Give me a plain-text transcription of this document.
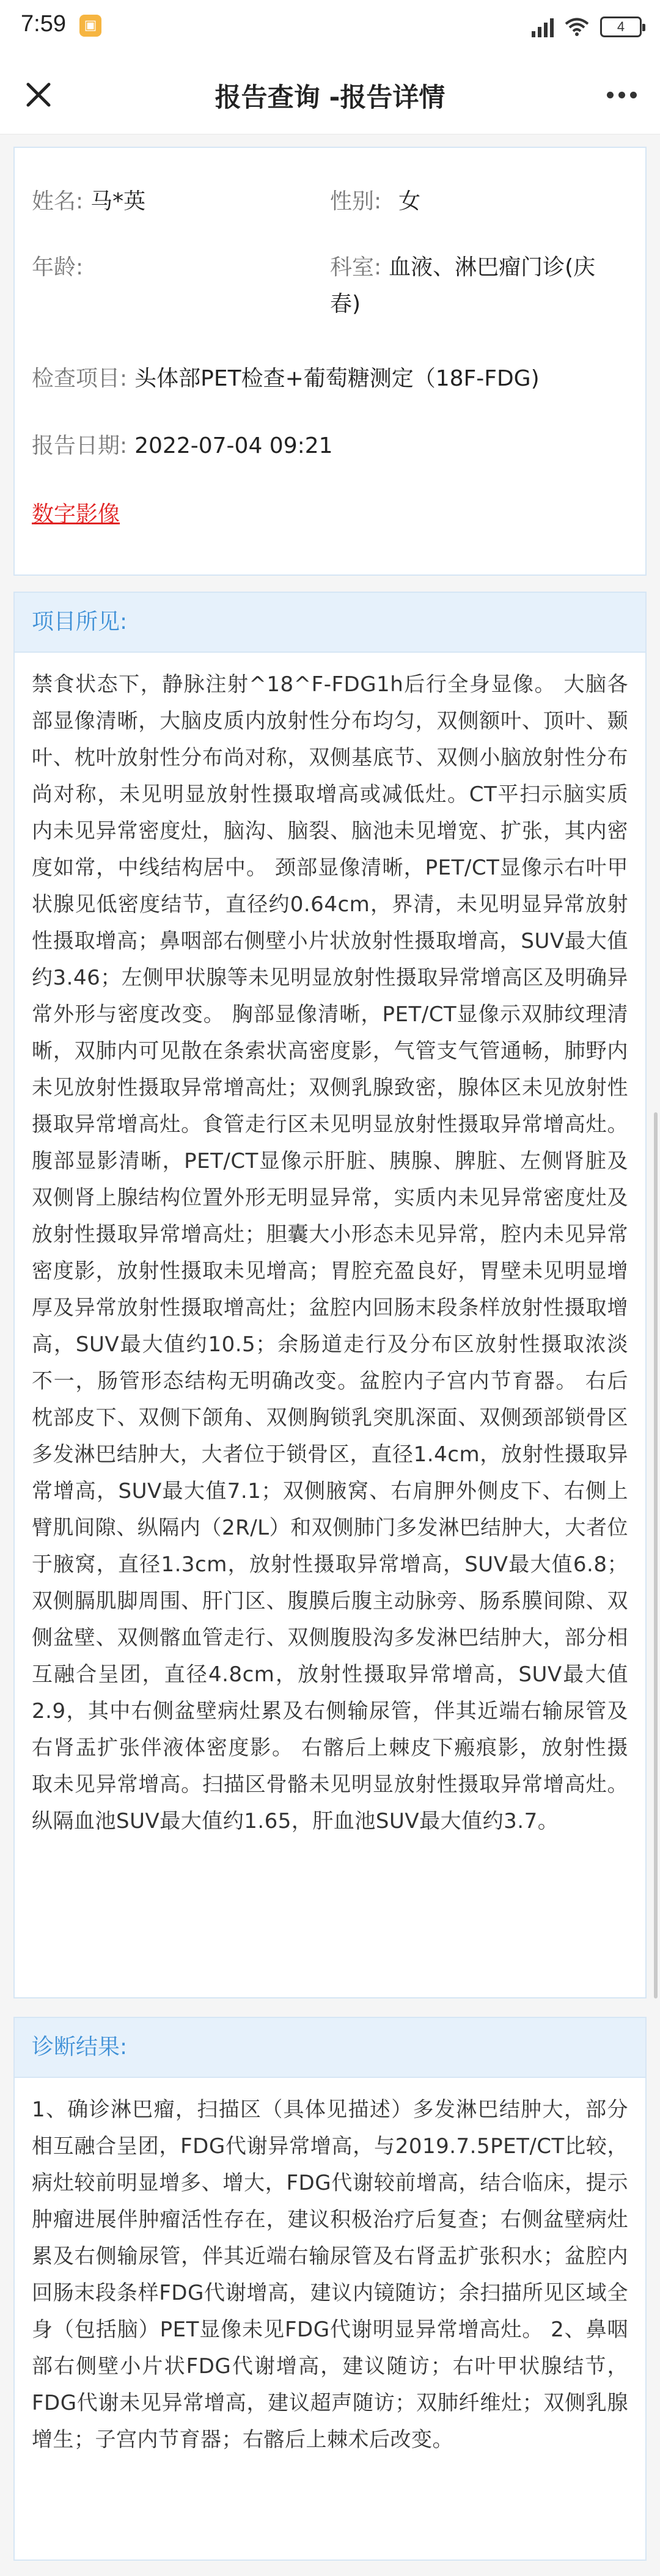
7:59	▣	4
报告查询 -报告详情
姓名: 马*英	性别: 女
年龄:	科室: 血液、淋巴瘤门诊(庆
春)
检查项目: 头体部PET检查+葡萄糖测定（18F-FDG)
报告日期: 2022-07-04 09:21
数字影像
项目所见:
禁食状态下，静脉注射^18^F-FDG1h后行全身显像。 大脑各部显像清晰，大脑皮质内放射性分布均匀，双侧额叶、顶叶、颞叶、枕叶放射性分布尚对称，双侧基底节、双侧小脑放射性分布尚对称，未见明显放射性摄取增高或减低灶。CT平扫示脑实质内未见异常密度灶，脑沟、脑裂、脑池未见增宽、扩张，其内密度如常，中线结构居中。 颈部显像清晰，PET/CT显像示右叶甲状腺见低密度结节，直径约0.64cm，界清，未见明显异常放射性摄取增高；鼻咽部右侧壁小片状放射性摄取增高，SUV最大值约3.46；左侧甲状腺等未见明显放射性摄取异常增高区及明确异常外形与密度改变。 胸部显像清晰，PET/CT显像示双肺纹理清晰，双肺内可见散在条索状高密度影，气管支气管通畅，肺野内未见放射性摄取异常增高灶；双侧乳腺致密，腺体区未见放射性摄取异常增高灶。食管走行区未见明显放射性摄取异常增高灶。 腹部显影清晰，PET/CT显像示肝脏、胰腺、脾脏、左侧肾脏及双侧肾上腺结构位置外形无明显异常，实质内未见异常密度灶及放射性摄取异常增高灶；胆囊大小形态未见异常，腔内未见异常密度影，放射性摄取未见增高；胃腔充盈良好，胃壁未见明显增厚及异常放射性摄取增高灶；盆腔内回肠末段条样放射性摄取增高，SUV最大值约10.5；余肠道走行及分布区放射性摄取浓淡不一，肠管形态结构无明确改变。盆腔内子宫内节育器。 右后枕部皮下、双侧下颌角、双侧胸锁乳突肌深面、双侧颈部锁骨区多发淋巴结肿大，大者位于锁骨区，直径1.4cm，放射性摄取异常增高，SUV最大值7.1；双侧腋窝、右肩胛外侧皮下、右侧上臂肌间隙、纵隔内（2R/L）和双侧肺门多发淋巴结肿大，大者位于腋窝，直径1.3cm，放射性摄取异常增高，SUV最大值6.8；双侧膈肌脚周围、肝门区、腹膜后腹主动脉旁、肠系膜间隙、双侧盆壁、双侧髂血管走行、双侧腹股沟多发淋巴结肿大，部分相互融合呈团，直径4.8cm，放射性摄取异常增高，SUV最大值2.9，其中右侧盆壁病灶累及右侧输尿管，伴其近端右输尿管及右肾盂扩张伴液体密度影。 右髂后上棘皮下瘢痕影，放射性摄取未见异常增高。扫描区骨骼未见明显放射性摄取异常增高灶。 纵隔血池SUV最大值约1.65，肝血池SUV最大值约3.7。
诊断结果:
1、确诊淋巴瘤，扫描区（具体见描述）多发淋巴结肿大，部分相互融合呈团，FDG代谢异常增高，与2019.7.5PET/CT比较，病灶较前明显增多、增大，FDG代谢较前增高，结合临床，提示肿瘤进展伴肿瘤活性存在，建议积极治疗后复查；右侧盆壁病灶累及右侧输尿管，伴其近端右输尿管及右肾盂扩张积水；盆腔内回肠末段条样FDG代谢增高，建议内镜随访；余扫描所见区域全身（包括脑）PET显像未见FDG代谢明显异常增高灶。 2、鼻咽部右侧壁小片状FDG代谢增高，建议随访；右叶甲状腺结节，FDG代谢未见异常增高，建议超声随访；双肺纤维灶；双侧乳腺增生；子宫内节育器；右髂后上棘术后改变。
